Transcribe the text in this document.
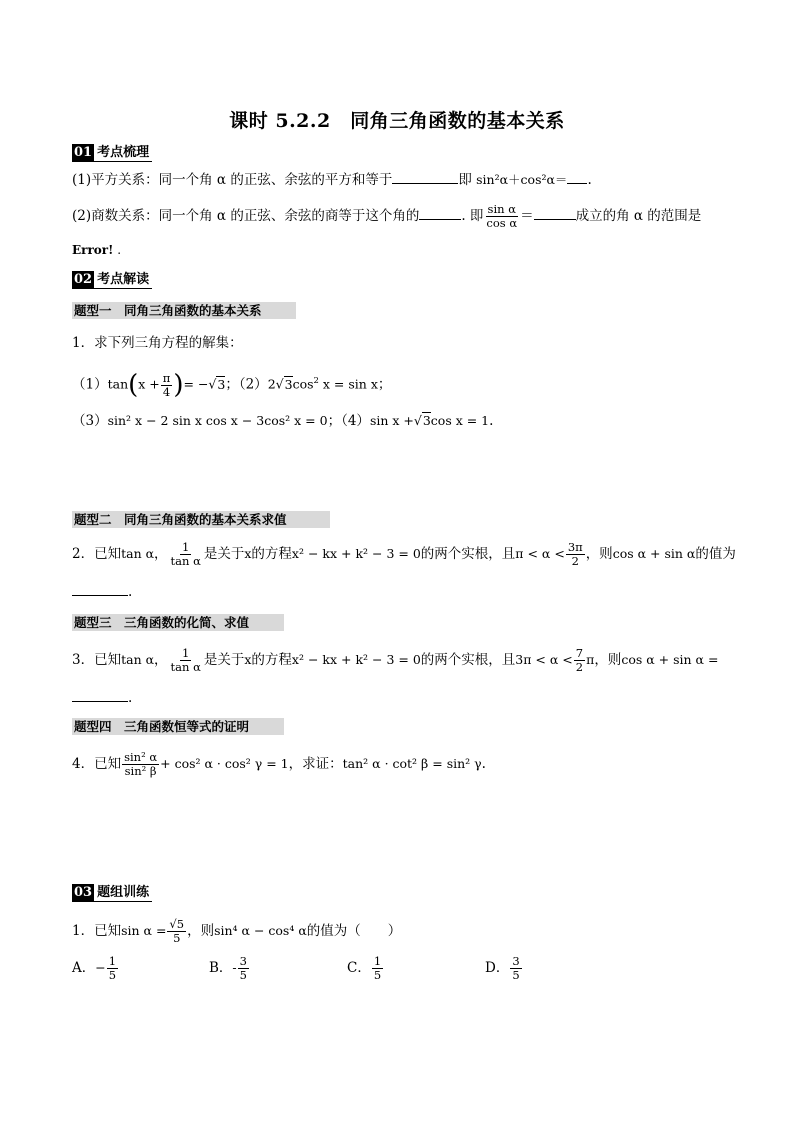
课时 5.2.2　同角三角函数的基本关系
01 考点梳理
(1)平方关系：同一个角 α 的正弦、余弦的平方和等于	即 sin²α＋cos²α＝ .
(2)商数关系：同一个角 α 的正弦、余弦的商等于这个角的	. 即 $\frac{\text{sin α}}{\text{cos α}}$ ＝	成立的角 α 的范围是
Error! .
02 考点解读
题型一　同角三角函数的基本关系
1．求下列三角方程的解集：
$(1)\tan(x + \frac{\pi}{4}$ )= −√3；$(2)2√3\cos^2$ x = sin x；
（3）sin² x − 2 sin x cos x − 3cos² x = 0；（4）sin x +√3cos x = 1.
题型二　同角三角函数的基本关系求值
2．已知tan α， $\frac{1}{\text{tan α}}$ 是关于x的方程x² − kx + k² − 3 = 0的两个实根，且$\pi < \alpha < \frac{3\pi}{2}$ ，则cos α + sin α的值为
.
题型三　三角函数的化简、求值
3．已知tan α， $\frac{1}{\text{tan α}}$ 是关于x的方程x² − kx + k² − 3 = 0的两个实根，且$3\pi < \alpha < \frac{7}{2}$ π，则cos α + sin α =
.
题型四　三角函数恒等式的证明
4．已知 $\frac{\text{sin² α}}{\text{sin² β}} + \cos^2$ α · cos² γ = 1，求证：tan² α · cot² β = sin² γ.
03 题组训练
1．已知$\sin \alpha = \frac{√5}{5}$ ，则sin⁴ α − cos⁴ α的值为（　　）
A．− $\frac{1}{5}$	B．- $\frac{3}{5}$	C． $\frac{1}{5}$	D． $\frac{3}{5}$
